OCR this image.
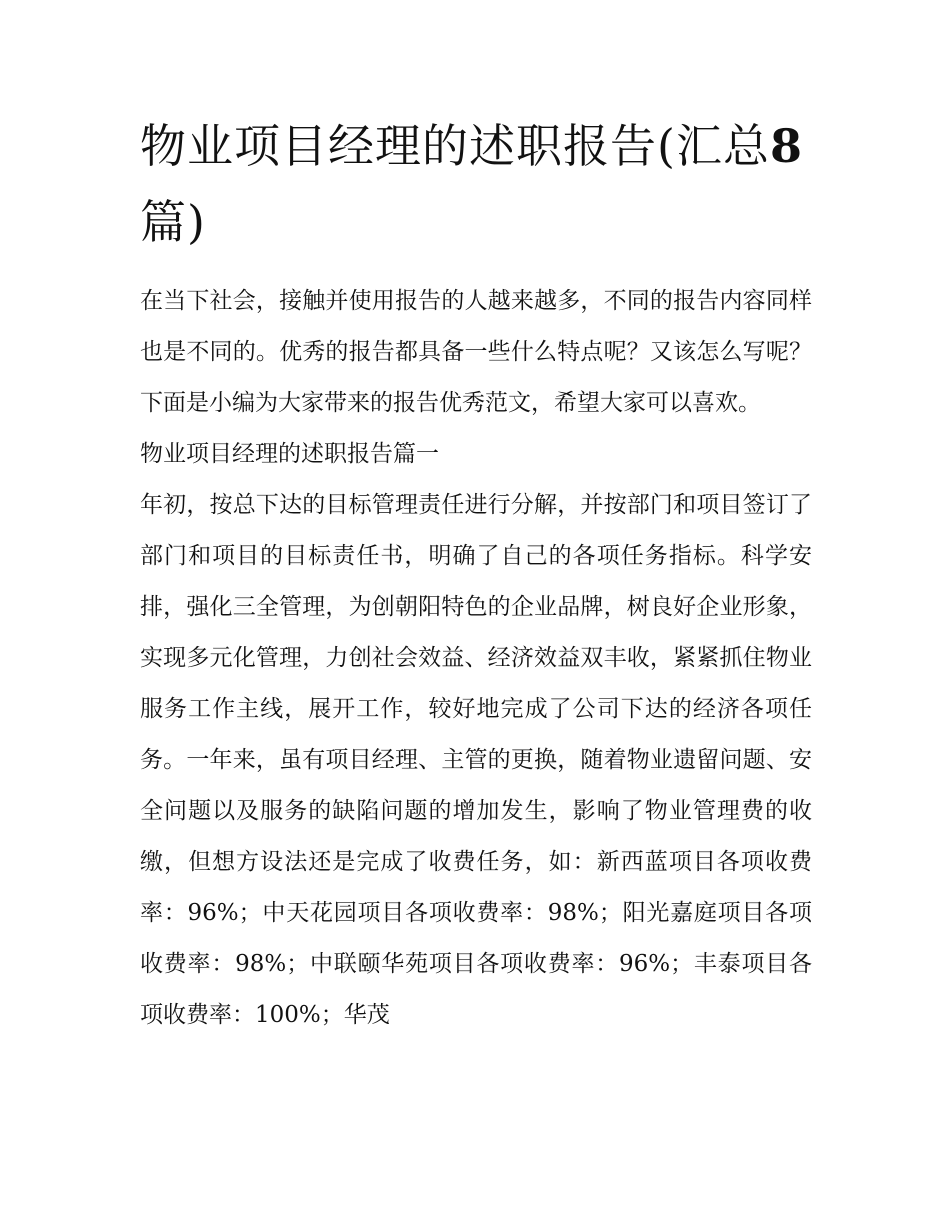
物业项目经理的述职报告(汇总8 篇)

在当下社会，接触并使用报告的人越来越多，不同的报告内容同样也是不同的。优秀的报告都具备一些什么特点呢？又该怎么写呢？下面是小编为大家带来的报告优秀范文，希望大家可以喜欢。

物业项目经理的述职报告篇一

年初，按总下达的目标管理责任进行分解，并按部门和项目签订了部门和项目的目标责任书，明确了自己的各项任务指标。科学安排，强化三全管理，为创朝阳特色的企业品牌，树良好企业形象，实现多元化管理，力创社会效益、经济效益双丰收，紧紧抓住物业服务工作主线，展开工作，较好地完成了公司下达的经济各项任务。一年来，虽有项目经理、主管的更换，随着物业遗留问题、安全问题以及服务的缺陷问题的增加发生，影响了物业管理费的收缴，但想方设法还是完成了收费任务，如：新西蓝项目各项收费率：96%；中天花园项目各项收费率：98%；阳光嘉庭项目各项收费率：98%；中联颐华苑项目各项收费率：96%；丰泰项目各项收费率：100%；华茂
